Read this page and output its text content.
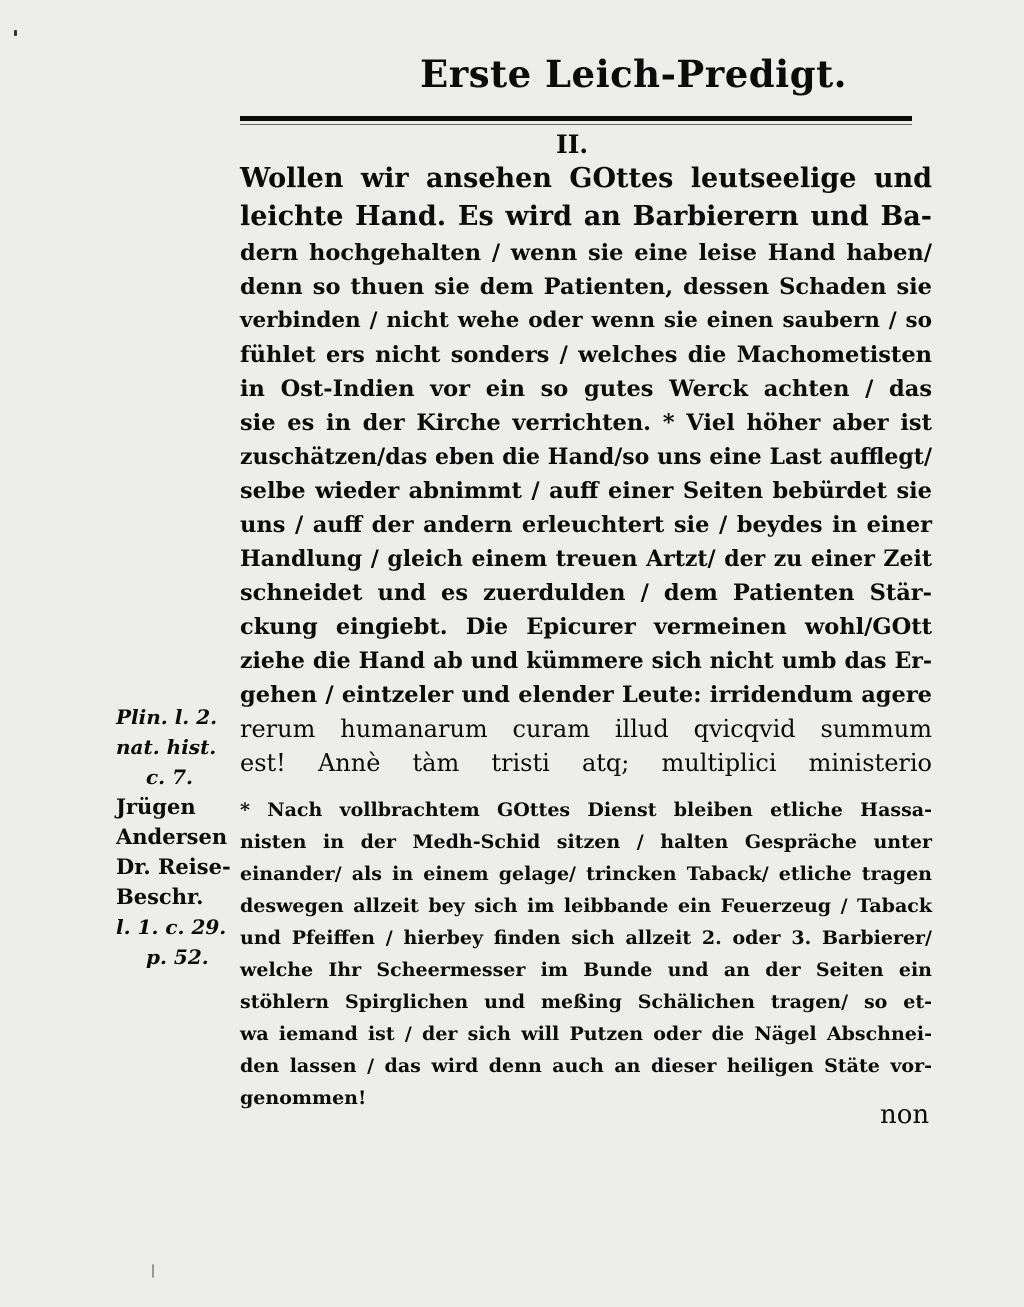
Erste Leich-Predigt.
II.
Wollen wir ansehen GOttes leutseelige und
leichte Hand. Es wird an Barbierern und Ba-
dern hochgehalten / wenn sie eine leise Hand haben/
denn so thuen sie dem Patienten, dessen Schaden sie
verbinden / nicht wehe oder wenn sie einen saubern / so
fühlet ers nicht sonders / welches die Machometisten
in Ost-Indien vor ein so gutes Werck achten / das
sie es in der Kirche verrichten. * Viel höher aber ist
zuschätzen/das eben die Hand/so uns eine Last aufflegt/
selbe wieder abnimmt / auff einer Seiten bebürdet sie
uns / auff der andern erleuchtert sie / beydes in einer
Handlung / gleich einem treuen Artzt/ der zu einer Zeit
schneidet und es zuerdulden / dem Patienten Stär-
ckung eingiebt. Die Epicurer vermeinen wohl/GOtt
ziehe die Hand ab und kümmere sich nicht umb das Er-
gehen / eintzeler und elender Leute: irridendum agere
rerum humanarum curam illud qvicqvid summum
est! Annè tàm tristi atq; multiplici ministerio
* Nach vollbrachtem GOttes Dienst bleiben etliche Hassa-
nisten in der Medh-Schid sitzen / halten Gespräche unter
einander/ als in einem gelage/ trincken Taback/ etliche tragen
deswegen allzeit bey sich im leibbande ein Feuerzeug / Taback
und Pfeiffen / hierbey finden sich allzeit 2. oder 3. Barbierer/
welche Ihr Scheermesser im Bunde und an der Seiten ein
stöhlern Spirglichen und meßing Schälichen tragen/ so et-
wa iemand ist / der sich will Putzen oder die Nägel Abschnei-
den lassen / das wird denn auch an dieser heiligen Stäte vor-
genommen!
Plin. l. 2.
nat. hist.
c. 7.
Jrügen
Andersen
Dr. Reise-
Beschr.
l. 1. c. 29.
p. 52.
non
